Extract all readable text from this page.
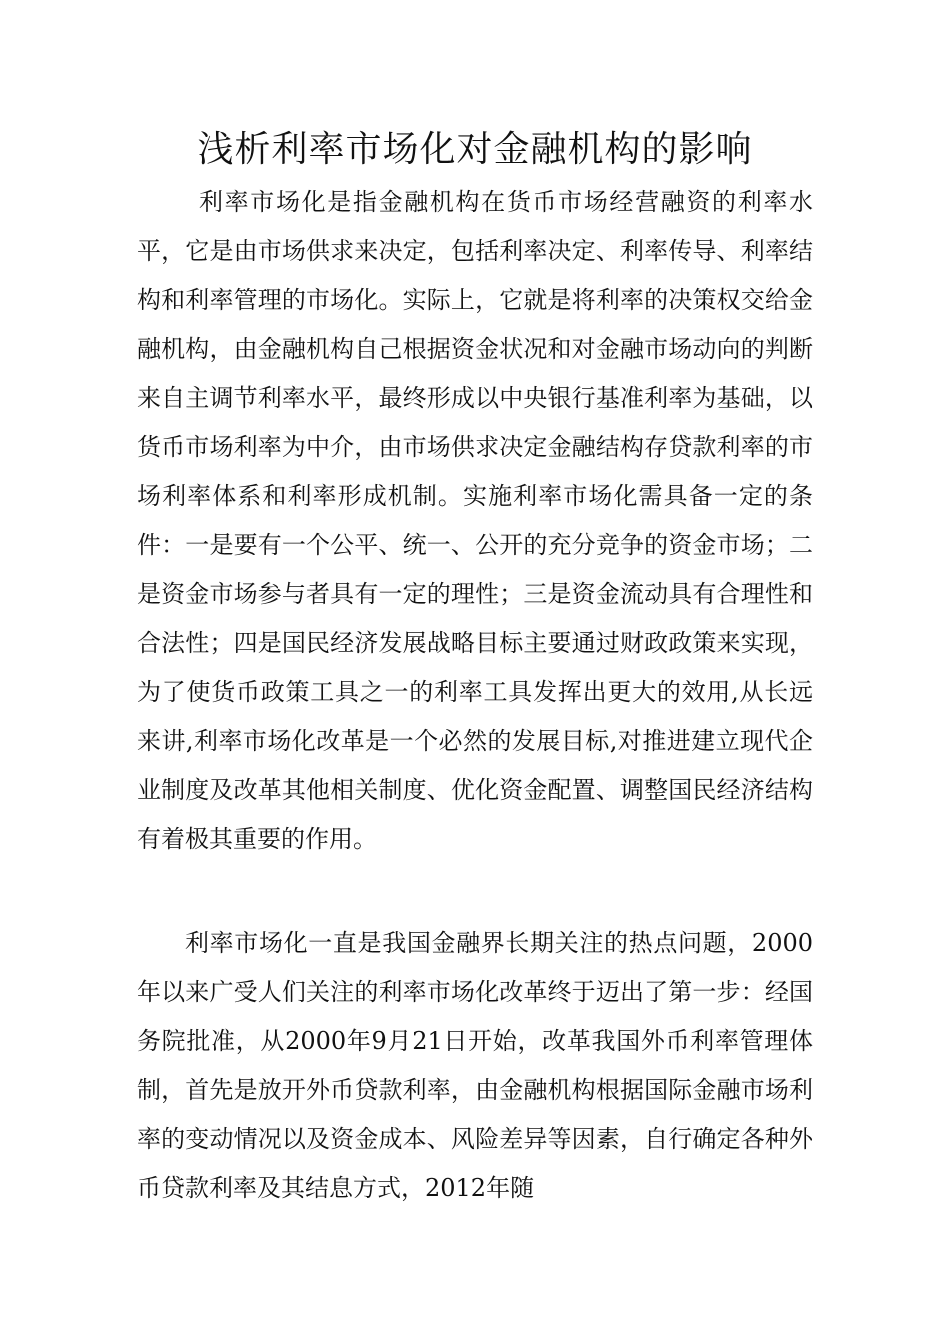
浅析利率市场化对金融机构的影响

利率市场化是指金融机构在货币市场经营融资的利率水平，它是由市场供求来决定，包括利率决定、利率传导、利率结构和利率管理的市场化。实际上，它就是将利率的决策权交给金融机构，由金融机构自己根据资金状况和对金融市场动向的判断来自主调节利率水平，最终形成以中央银行基准利率为基础，以货币市场利率为中介，由市场供求决定金融结构存贷款利率的市场利率体系和利率形成机制。实施利率市场化需具备一定的条件：一是要有一个公平、统一、公开的充分竞争的资金市场；二是资金市场参与者具有一定的理性；三是资金流动具有合理性和合法性；四是国民经济发展战略目标主要通过财政政策来实现，为了使货币政策工具之一的利率工具发挥出更大的效用,从长远来讲,利率市场化改革是一个必然的发展目标,对推进建立现代企业制度及改革其他相关制度、优化资金配置、调整国民经济结构有着极其重要的作用。

利率市场化一直是我国金融界长期关注的热点问题，2000年以来广受人们关注的利率市场化改革终于迈出了第一步：经国务院批准，从2000年9月21日开始，改革我国外币利率管理体制，首先是放开外币贷款利率，由金融机构根据国际金融市场利率的变动情况以及资金成本、风险差异等因素，自行确定各种外币贷款利率及其结息方式，2012年随
